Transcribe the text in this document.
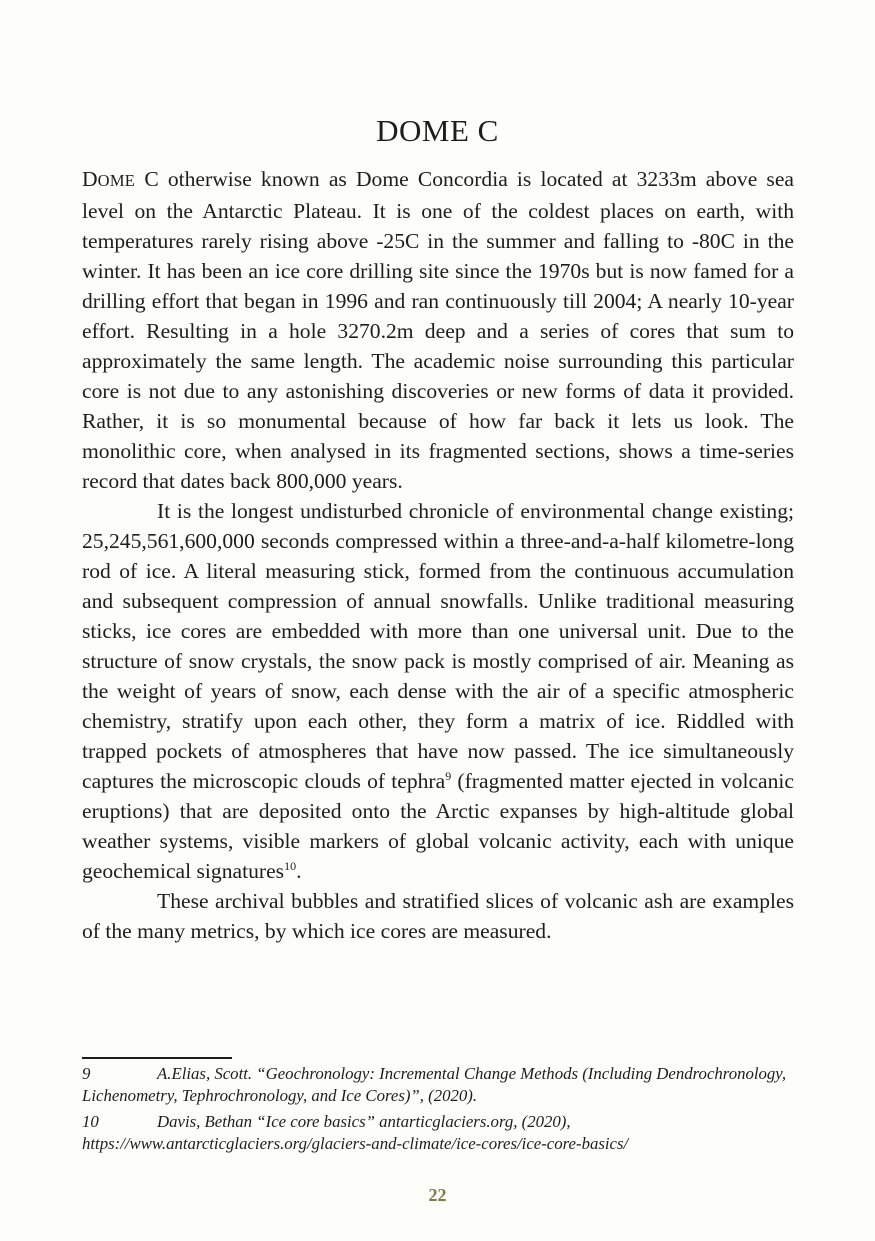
DOME C

DOME C otherwise known as Dome Concordia is located at 3233m above sea level on the Antarctic Plateau. It is one of the coldest places on earth, with temperatures rarely rising above -25C in the summer and falling to -80C in the winter. It has been an ice core drilling site since the 1970s but is now famed for a drilling effort that began in 1996 and ran continuously till 2004; A nearly 10-year effort. Resulting in a hole 3270.2m deep and a series of cores that sum to approximately the same length. The academic noise surrounding this particular core is not due to any astonishing discoveries or new forms of data it provided. Rather, it is so monumental because of how far back it lets us look. The monolithic core, when analysed in its fragmented sections, shows a time-series record that dates back 800,000 years.

It is the longest undisturbed chronicle of environmental change existing; 25,245,561,600,000 seconds compressed within a three-and-a-half kilometre-long rod of ice. A literal measuring stick, formed from the continuous accumulation and subsequent compression of annual snowfalls. Unlike traditional measuring sticks, ice cores are embedded with more than one universal unit. Due to the structure of snow crystals, the snow pack is mostly comprised of air. Meaning as the weight of years of snow, each dense with the air of a specific atmospheric chemistry, stratify upon each other, they form a matrix of ice. Riddled with trapped pockets of atmospheres that have now passed. The ice simultaneously captures the microscopic clouds of tephra$^9$ (fragmented matter ejected in volcanic eruptions) that are deposited onto the Arctic expanses by high-altitude global weather systems, visible markers of global volcanic activity, each with unique geochemical signatures$^{10}$.

These archival bubbles and stratified slices of volcanic ash are examples of the many metrics, by which ice cores are measured.

9	A.Elias, Scott. “Geochronology: Incremental Change Methods (Including Dendrochronology, Lichenometry, Tephrochronology, and Ice Cores)”, (2020).

10	Davis, Bethan “Ice core basics” antarticglaciers.org, (2020), https://www.antarcticglaciers.org/glaciers-and-climate/ice-cores/ice-core-basics/

22
